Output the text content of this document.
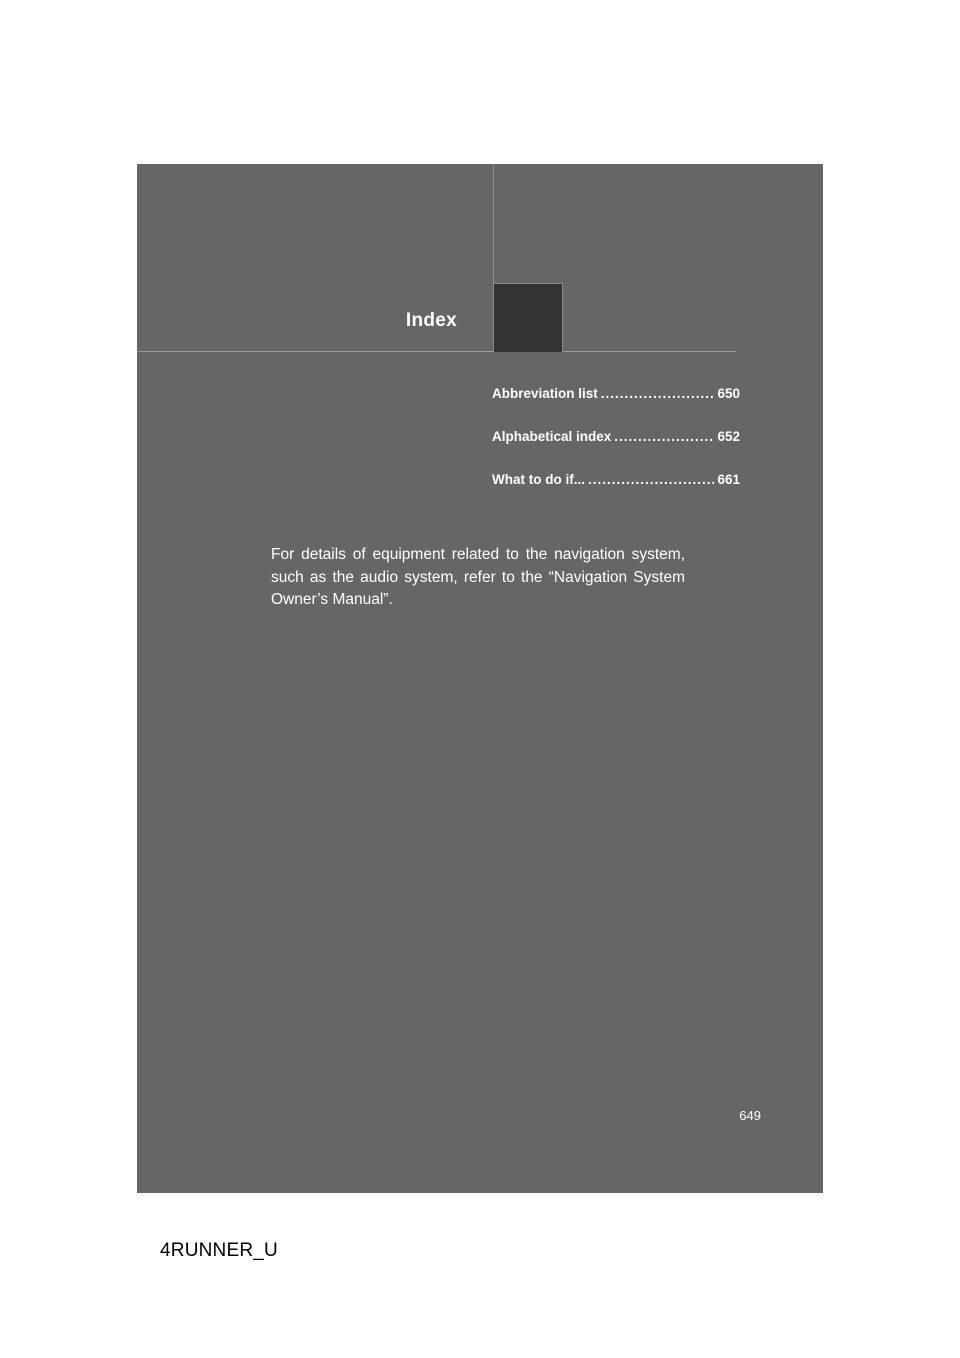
Index
Abbreviation list .....	650
Alphabetical index .....	652
What to do if... .....	661

For details of equipment related to the navigation system, such as the audio system, refer to the “Navigation System Owner’s Manual”.

649
4RUNNER_U
